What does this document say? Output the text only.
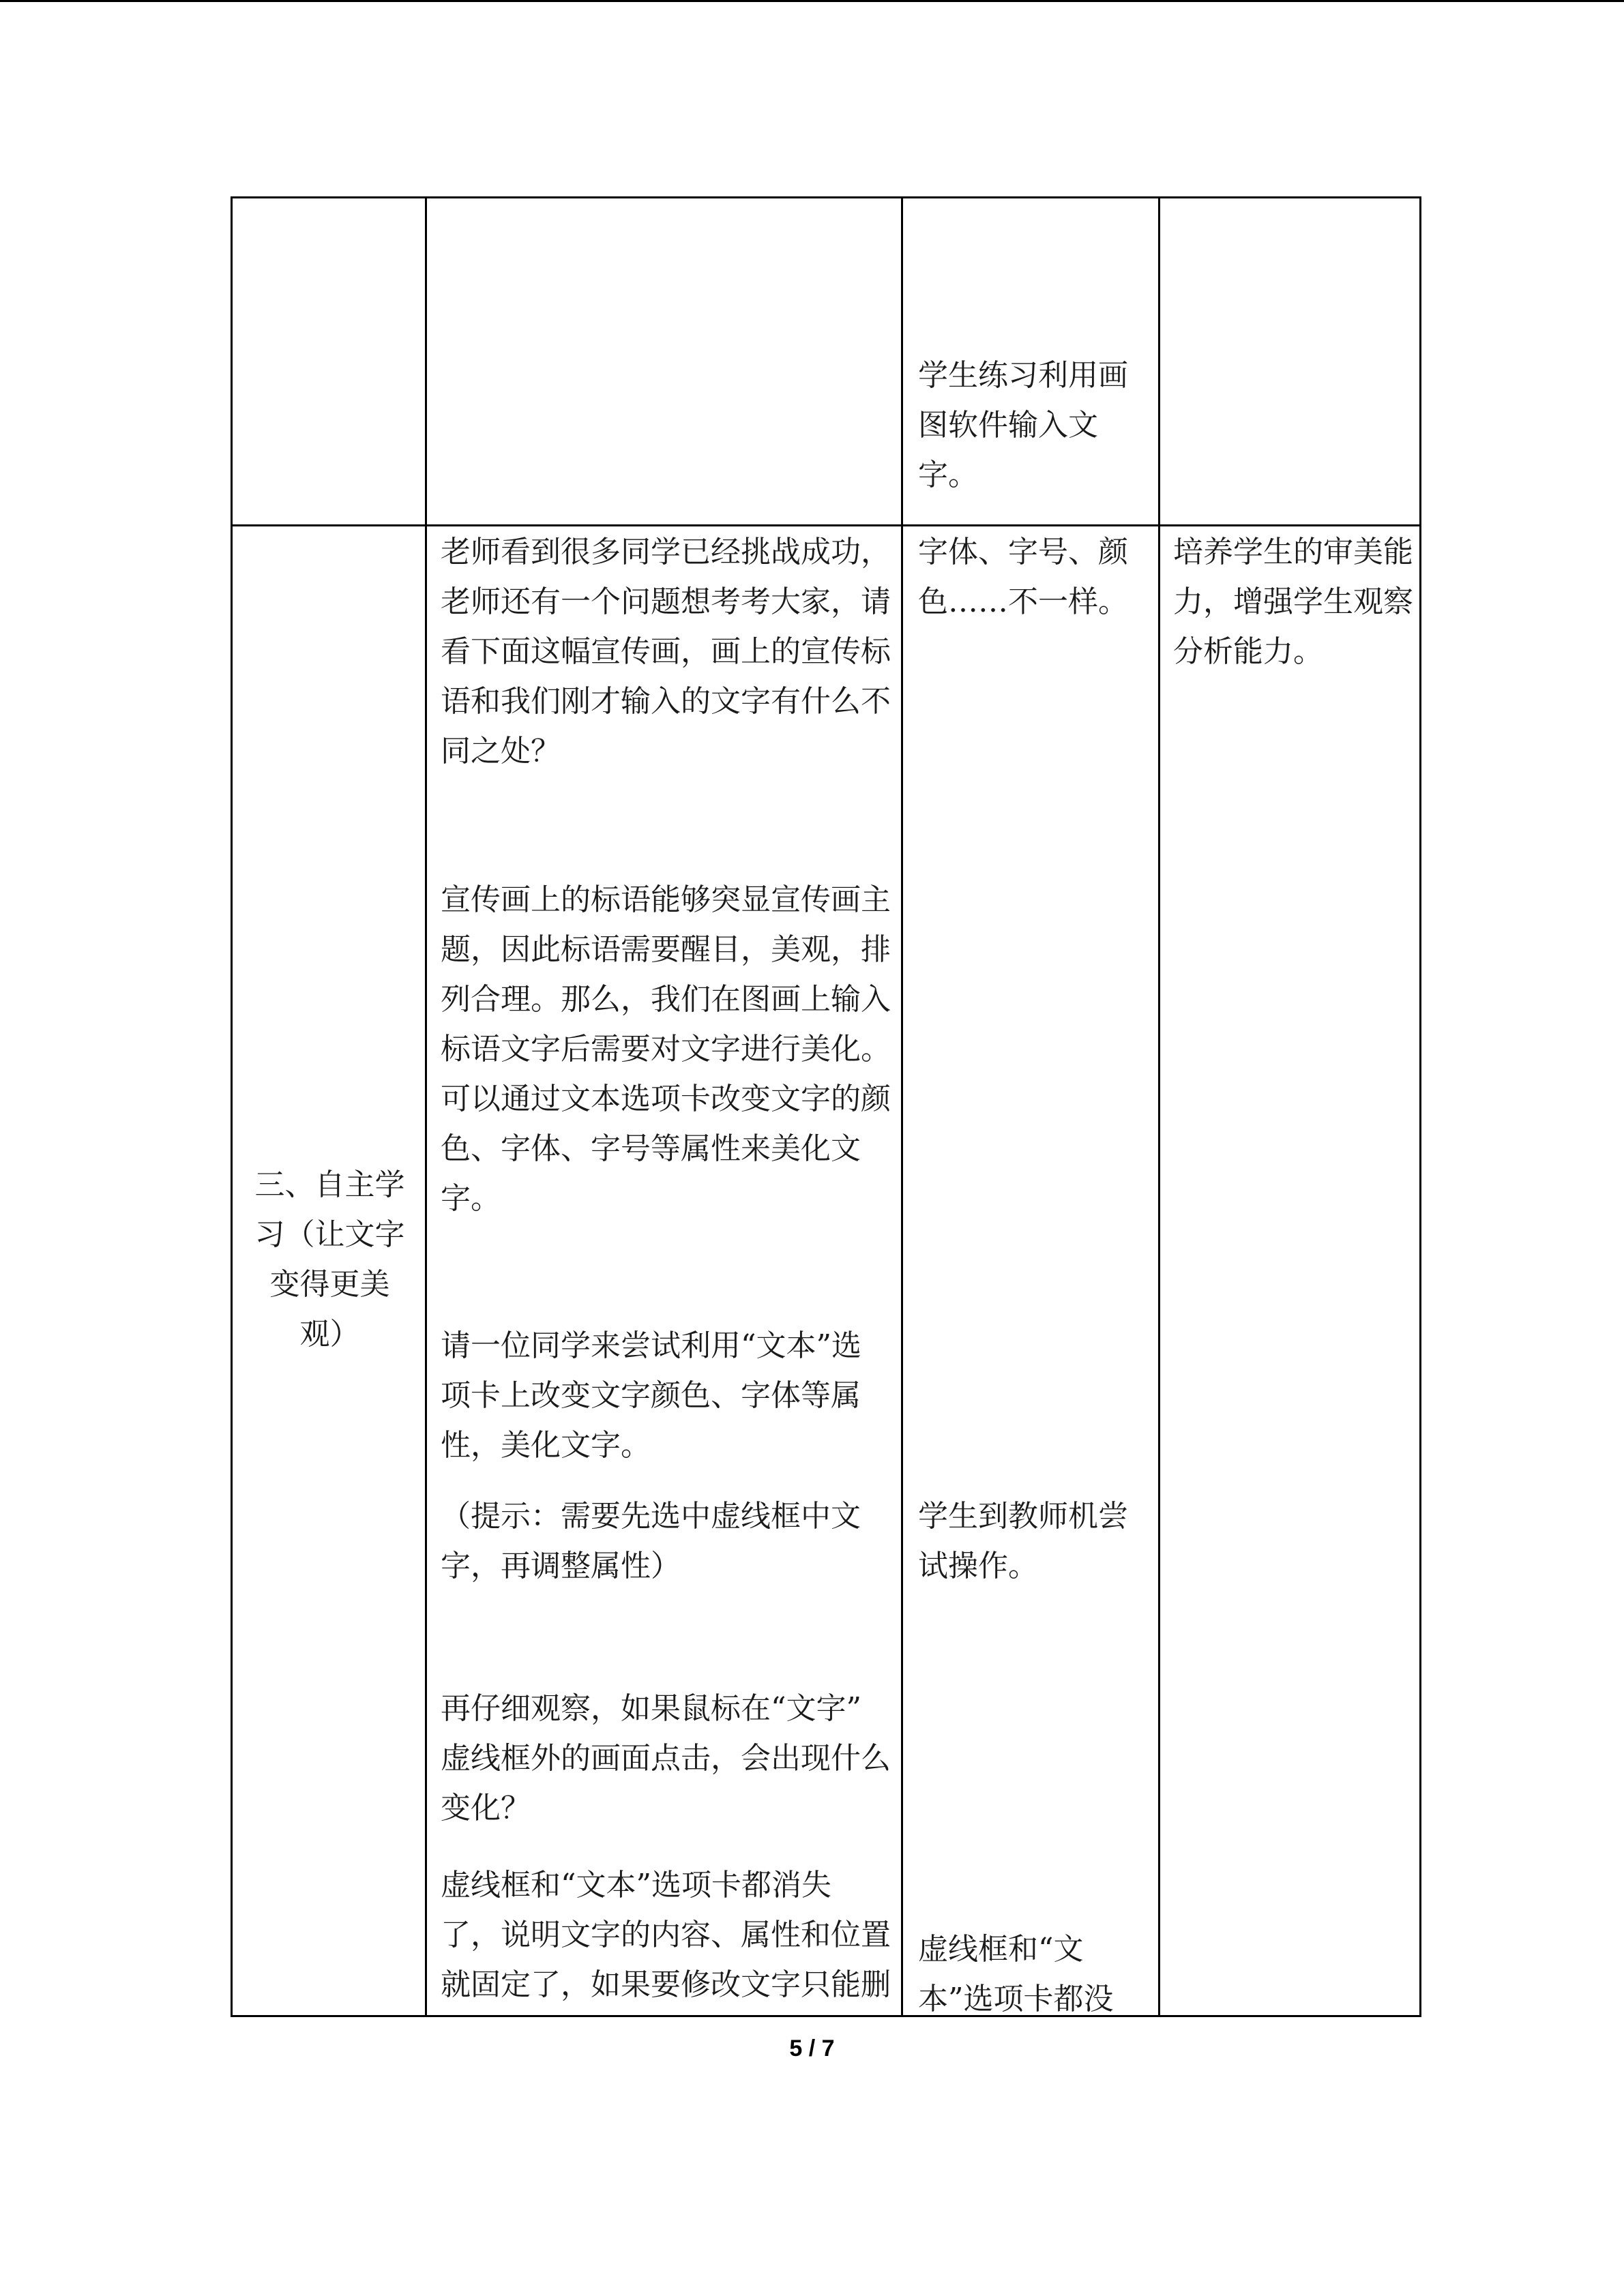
学生练习利用画
图软件输入文
字。
三、自主学
习（让文字
变得更美
观）
老师看到很多同学已经挑战成功，
老师还有一个问题想考考大家，请
看下面这幅宣传画，画上的宣传标
语和我们刚才输入的文字有什么不
同之处？
宣传画上的标语能够突显宣传画主
题，因此标语需要醒目，美观，排
列合理。那么，我们在图画上输入
标语文字后需要对文字进行美化。
可以通过文本选项卡改变文字的颜
色、字体、字号等属性来美化文
字。
请一位同学来尝试利用“文本”选
项卡上改变文字颜色、字体等属
性，美化文字。
（提示：需要先选中虚线框中文
字，再调整属性）
再仔细观察，如果鼠标在“文字”
虚线框外的画面点击，会出现什么
变化？
虚线框和“文本”选项卡都消失
了，说明文字的内容、属性和位置
就固定了，如果要修改文字只能删
字体、字号、颜
色……不一样。
学生到教师机尝
试操作。
虚线框和“文
本”选项卡都没
培养学生的审美能
力，增强学生观察
分析能力。
5 / 7
